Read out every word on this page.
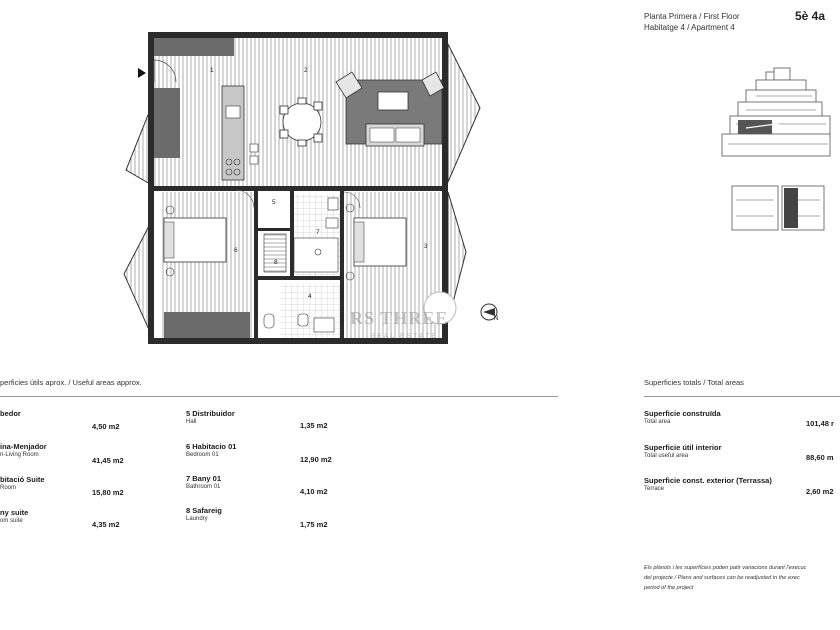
Planta Primera / First Floor
Habitatge 4 / Apartment 4
5è 4a
1	2
3
4
5
6
7
8
N
RS THREE
REAL ESTATE
perficies útils aprox. / Useful areas approx.
bedor
4,50 m2
ina-Menjador
n-Living Room
41,45 m2
bitació Suite
Room	15,80 m2
ny suite
om suite	4,35 m2
5 Distribuidor
Hall	1,35 m2
6 Habitacio 01
Bedroom 01	12,90 m2
7 Bany 01
Bathroom 01	4,10 m2
8 Safareig
Laundry
1,75 m2
Superficies totals / Total areas
Superficie construïda
Total area	101,48 r
Superficie útil interior
Total useful area	88,60 m
Superficie const. exterior (Terrassa)
Terrace	2,60 m2
Els plànols i les superfícies poden patir variacions durant l'execuc
del projecte / Plans and surfaces can be readjusted in the exec
period of the project
